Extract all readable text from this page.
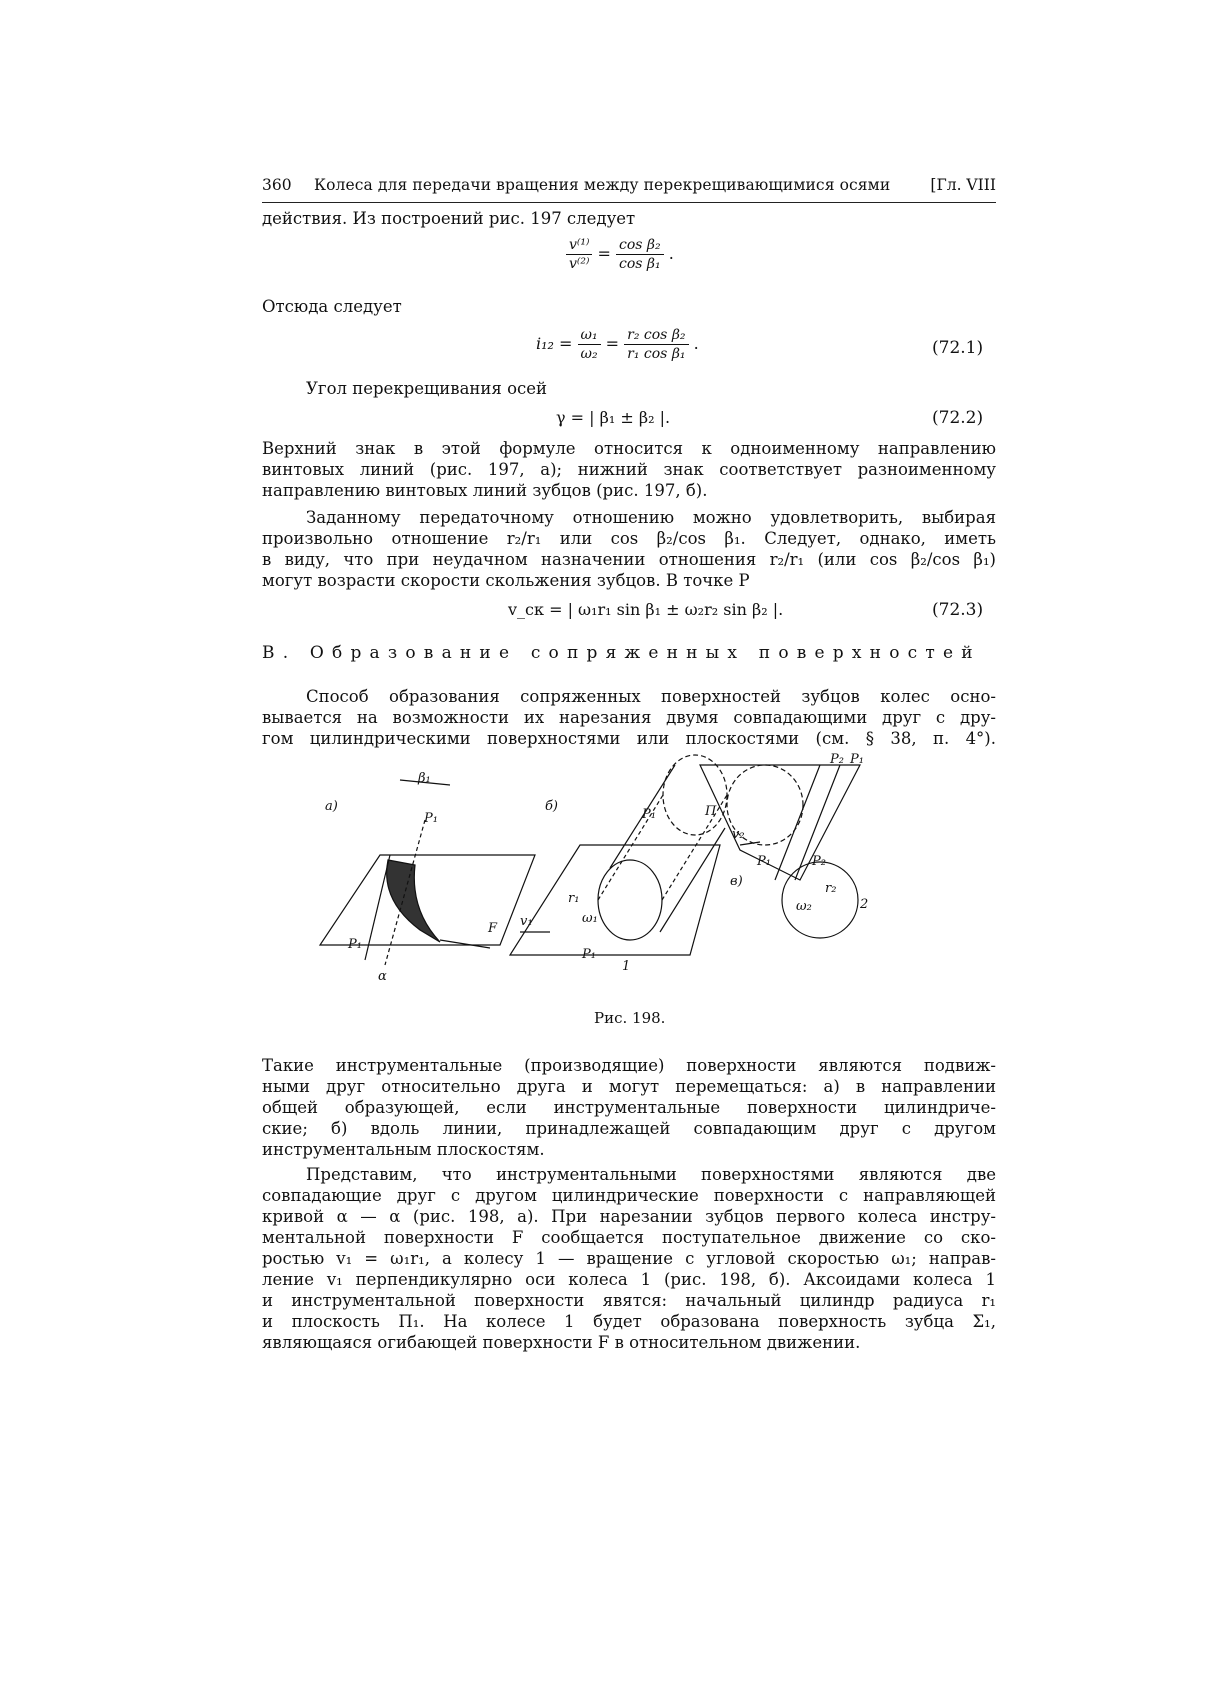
360 Колеса для передачи вращения между перекрещивающимися осями	[Гл. VIII
действия. Из построений рис. 197 следует
$\frac{\text{v⁽¹⁾}}{\text{v⁽²⁾}} = \frac{\text{cos β₂}}{\text{cos β₁}}$ .
Отсюда следует
$i_{12} = \frac{\text{ω₁}}{\text{ω₂}} = \frac{\text{r₂ cos β₂}}{\text{r₁ cos β₁}}$ .	(72.1)
Угол перекрещивания осей
γ = | β₁ ± β₂ |.	(72.2)
Верхний знак в этой формуле относится к одноименному направлению
винтовых линий (рис. 197, а); нижний знак соответствует разноименному
направлению винтовых линий зубцов (рис. 197, б).
Заданному передаточному отношению можно удовлетворить, выбирая
произвольно отношение r₂/r₁ или cos β₂/cos β₁. Следует, однако, иметь
в виду, что при неудачном назначении отношения r₂/r₁ (или cos β₂/cos β₁)
могут возрасти скорости скольжения зубцов. В точке P
v_ск = | ω₁r₁ sin β₁ ± ω₂r₂ sin β₂ |.	(72.3)
В. Образование сопряженных поверхностей
Способ образования сопряженных поверхностей зубцов колес осно-
вывается на возможности их нарезания двумя совпадающими друг с дру-
гом цилиндрическими поверхностями или плоскостями (см. § 38, п. 4°).
а)	б)
в)
β₁
P₁
F
α
P₁
v₁
r₁
ω₁
P₁
1
P₁	П
P₂ P₁
v₂
P₁	P₂
ω₂
r₂
2
Рис. 198.
Такие инструментальные (производящие) поверхности являются подвиж-
ными друг относительно друга и могут перемещаться: а) в направлении
общей образующей, если инструментальные поверхности цилиндриче-
ские; б) вдоль линии, принадлежащей совпадающим друг с другом
инструментальным плоскостям.
Представим, что инструментальными поверхностями являются две
совпадающие друг с другом цилиндрические поверхности с направляющей
кривой α — α (рис. 198, а). При нарезании зубцов первого колеса инстру-
ментальной поверхности F сообщается поступательное движение со ско-
ростью v₁ = ω₁r₁, а колесу 1 — вращение с угловой скоростью ω₁; направ-
ление v₁ перпендикулярно оси колеса 1 (рис. 198, б). Аксоидами колеса 1
и инструментальной поверхности явятся: начальный цилиндр радиуса r₁
и плоскость П₁. На колесе 1 будет образована поверхность зубца Σ₁,
являющаяся огибающей поверхности F в относительном движении.
